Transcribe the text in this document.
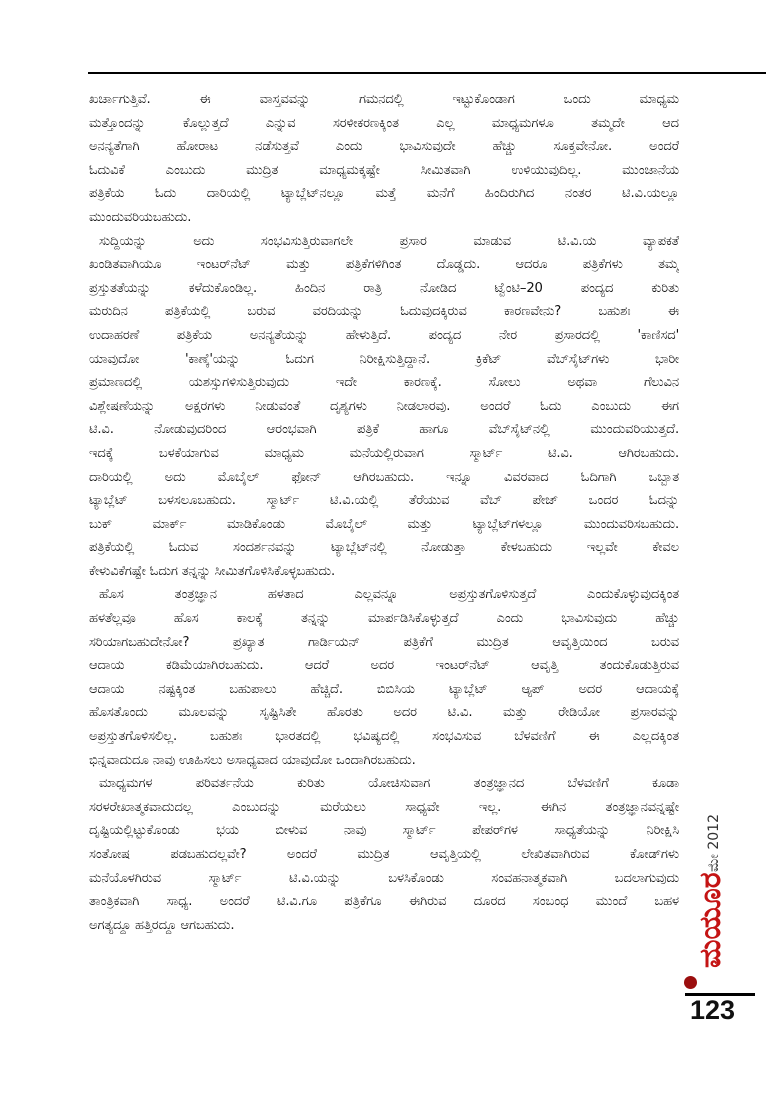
ಖರ್ಚಾಗುತ್ತಿವೆ. ಈ ವಾಸ್ತವವನ್ನು ಗಮನದಲ್ಲಿ ಇಟ್ಟುಕೊಂಡಾಗ ಒಂದು ಮಾಧ್ಯಮ
ಮತ್ತೊಂದನ್ನು ಕೊಲ್ಲುತ್ತದೆ ಎನ್ನುವ ಸರಳೀಕರಣಕ್ಕಿಂತ ಎಲ್ಲ ಮಾಧ್ಯಮಗಳೂ ತಮ್ಮದೇ ಆದ
ಅನನ್ಯತೆಗಾಗಿ ಹೋರಾಟ ನಡೆಸುತ್ತವೆ ಎಂದು ಭಾವಿಸುವುದೇ ಹೆಚ್ಚು ಸೂಕ್ತವೇನೋ. ಅಂದರೆ
ಓದುವಿಕೆ ಎಂಬುದು ಮುದ್ರಿತ ಮಾಧ್ಯಮಕ್ಕಷ್ಟೇ ಸೀಮಿತವಾಗಿ ಉಳಿಯುವುದಿಲ್ಲ. ಮುಂಜಾನೆಯ
ಪತ್ರಿಕೆಯ ಓದು ದಾರಿಯಲ್ಲಿ ಟ್ಯಾಬ್ಲೆಟ್‌ನಲ್ಲೂ ಮತ್ತೆ ಮನೆಗೆ ಹಿಂದಿರುಗಿದ ನಂತರ ಟಿ.ವಿ.ಯಲ್ಲೂ
ಮುಂದುವರಿಯಬಹುದು.
ಸುದ್ದಿಯನ್ನು ಅದು ಸಂಭವಿಸುತ್ತಿರುವಾಗಲೇ ಪ್ರಸಾರ ಮಾಡುವ ಟಿ.ವಿ.ಯ ವ್ಯಾಪಕತೆ
ಖಂಡಿತವಾಗಿಯೂ ಇಂಟರ್‌ನೆಟ್ ಮತ್ತು ಪತ್ರಿಕೆಗಳಿಗಿಂತ ದೊಡ್ಡದು. ಆದರೂ ಪತ್ರಿಕೆಗಳು ತಮ್ಮ
ಪ್ರಸ್ತುತತೆಯನ್ನು ಕಳೆದುಕೊಂಡಿಲ್ಲ. ಹಿಂದಿನ ರಾತ್ರಿ ನೋಡಿದ ಟ್ವೆಂಟಿ–20 ಪಂದ್ಯದ ಕುರಿತು
ಮರುದಿನ ಪತ್ರಿಕೆಯಲ್ಲಿ ಬರುವ ವರದಿಯನ್ನು ಓದುವುದಕ್ಕಿರುವ ಕಾರಣವೇನು? ಬಹುಶಃ ಈ
ಉದಾಹರಣೆ ಪತ್ರಿಕೆಯ ಅನನ್ಯತೆಯನ್ನು ಹೇಳುತ್ತಿದೆ. ಪಂದ್ಯದ ನೇರ ಪ್ರಸಾರದಲ್ಲಿ 'ಕಾಣಿಸದ'
ಯಾವುದೋ 'ಕಾಣ್ಕೆ'ಯನ್ನು ಓದುಗ ನಿರೀಕ್ಷಿಸುತ್ತಿದ್ದಾನೆ. ಕ್ರಿಕೆಟ್ ವೆಬ್‌ಸೈಟ್‌ಗಳು ಭಾರೀ
ಪ್ರಮಾಣದಲ್ಲಿ ಯಶಸ್ಸುಗಳಿಸುತ್ತಿರುವುದು ಇದೇ ಕಾರಣಕ್ಕೆ. ಸೋಲು ಅಥವಾ ಗೆಲುವಿನ
ವಿಶ್ಲೇಷಣೆಯನ್ನು ಅಕ್ಷರಗಳು ನೀಡುವಂತೆ ದೃಶ್ಯಗಳು ನೀಡಲಾರವು. ಅಂದರೆ ಓದು ಎಂಬುದು ಈಗ
ಟಿ.ವಿ. ನೋಡುವುದರಿಂದ ಆರಂಭವಾಗಿ ಪತ್ರಿಕೆ ಹಾಗೂ ವೆಬ್‌ಸೈಟ್‌ನಲ್ಲಿ ಮುಂದುವರಿಯುತ್ತದೆ.
ಇದಕ್ಕೆ ಬಳಕೆಯಾಗುವ ಮಾಧ್ಯಮ ಮನೆಯಲ್ಲಿರುವಾಗ ಸ್ಮಾರ್ಟ್ ಟಿ.ವಿ. ಆಗಿರಬಹುದು.
ದಾರಿಯಲ್ಲಿ ಅದು ಮೊಬೈಲ್ ಫೋನ್ ಆಗಿರಬಹುದು. ಇನ್ನೂ ವಿವರವಾದ ಓದಿಗಾಗಿ ಒಬ್ಬಾತ
ಟ್ಯಾಬ್ಲೆಟ್ ಬಳಸಲೂಬಹುದು. ಸ್ಮಾರ್ಟ್ ಟಿ.ವಿ.ಯಲ್ಲಿ ತೆರೆಯುವ ವೆಬ್ ಪೇಜ್ ಒಂದರ ಓದನ್ನು
ಬುಕ್ ಮಾರ್ಕ್ ಮಾಡಿಕೊಂಡು ಮೊಬೈಲ್ ಮತ್ತು ಟ್ಯಾಬ್ಲೆಟ್‌ಗಳಲ್ಲೂ ಮುಂದುವರಿಸಬಹುದು.
ಪತ್ರಿಕೆಯಲ್ಲಿ ಓದುವ ಸಂದರ್ಶನವನ್ನು ಟ್ಯಾಬ್ಲೆಟ್‌ನಲ್ಲಿ ನೋಡುತ್ತಾ ಕೇಳಬಹುದು ಇಲ್ಲವೇ ಕೇವಲ
ಕೇಳುವಿಕೆಗಷ್ಟೇ ಓದುಗ ತನ್ನನ್ನು ಸೀಮಿತಗೊಳಿಸಿಕೊಳ್ಳಬಹುದು.
ಹೊಸ ತಂತ್ರಜ್ಞಾನ ಹಳತಾದ ಎಲ್ಲವನ್ನೂ ಅಪ್ರಸ್ತುತಗೊಳಿಸುತ್ತದೆ ಎಂದುಕೊಳ್ಳುವುದಕ್ಕಿಂತ
ಹಳತೆಲ್ಲವೂ ಹೊಸ ಕಾಲಕ್ಕೆ ತನ್ನನ್ನು ಮಾರ್ಪಡಿಸಿಕೊಳ್ಳುತ್ತದೆ ಎಂದು ಭಾವಿಸುವುದು ಹೆಚ್ಚು
ಸರಿಯಾಗಬಹುದೇನೋ? ಪ್ರಖ್ಯಾತ ಗಾರ್ಡಿಯನ್ ಪತ್ರಿಕೆಗೆ ಮುದ್ರಿತ ಆವೃತ್ತಿಯಿಂದ ಬರುವ
ಆದಾಯ ಕಡಿಮೆಯಾಗಿರಬಹುದು. ಆದರೆ ಅದರ ಇಂಟರ್‌ನೆಟ್ ಆವೃತ್ತಿ ತಂದುಕೊಡುತ್ತಿರುವ
ಆದಾಯ ನಷ್ಟಕ್ಕಿಂತ ಬಹುಪಾಲು ಹೆಚ್ಚಿದೆ. ಬಿಬಿಸಿಯ ಟ್ಯಾಬ್ಲೆಟ್ ಆ್ಯಪ್ ಅದರ ಆದಾಯಕ್ಕೆ
ಹೊಸತೊಂದು ಮೂಲವನ್ನು ಸೃಷ್ಟಿಸಿತೇ ಹೊರತು ಅದರ ಟಿ.ವಿ. ಮತ್ತು ರೇಡಿಯೋ ಪ್ರಸಾರವನ್ನು
ಅಪ್ರಸ್ತುತಗೊಳಿಸಲಿಲ್ಲ. ಬಹುಶಃ ಭಾರತದಲ್ಲಿ ಭವಿಷ್ಯದಲ್ಲಿ ಸಂಭವಿಸುವ ಬೆಳವಣಿಗೆ ಈ ಎಲ್ಲದಕ್ಕಿಂತ
ಭಿನ್ನವಾದುದೂ ನಾವು ಊಹಿಸಲು ಅಸಾಧ್ಯವಾದ ಯಾವುದೋ ಒಂದಾಗಿರಬಹುದು.
ಮಾಧ್ಯಮಗಳ ಪರಿವರ್ತನೆಯ ಕುರಿತು ಯೋಚಿಸುವಾಗ ತಂತ್ರಜ್ಞಾನದ ಬೆಳವಣಿಗೆ ಕೂಡಾ
ಸರಳರೇಖಾತ್ಮಕವಾದುದಲ್ಲ ಎಂಬುದನ್ನು ಮರೆಯಲು ಸಾಧ್ಯವೇ ಇಲ್ಲ. ಈಗಿನ ತಂತ್ರಜ್ಞಾನವನ್ನಷ್ಟೇ
ದೃಷ್ಟಿಯಲ್ಲಿಟ್ಟುಕೊಂಡು ಭಯ ಬೀಳುವ ನಾವು ಸ್ಮಾರ್ಟ್ ಪೇಪರ್‌ಗಳ ಸಾಧ್ಯತೆಯನ್ನು ನಿರೀಕ್ಷಿಸಿ
ಸಂತೋಷ ಪಡಬಹುದಲ್ಲವೇ? ಅಂದರೆ ಮುದ್ರಿತ ಆವೃತ್ತಿಯಲ್ಲಿ ಲೇಖಿತವಾಗಿರುವ ಕೋಡ್‌ಗಳು
ಮನೆಯೊಳಗಿರುವ ಸ್ಮಾರ್ಟ್ ಟಿ.ವಿ.ಯನ್ನು ಬಳಸಿಕೊಂಡು ಸಂವಹನಾತ್ಮಕವಾಗಿ ಬದಲಾಗುವುದು
ತಾಂತ್ರಿಕವಾಗಿ ಸಾಧ್ಯ. ಅಂದರೆ ಟಿ.ವಿ.ಗೂ ಪತ್ರಿಕೆಗೂ ಈಗಿರುವ ದೂರದ ಸಂಬಂಧ ಮುಂದೆ ಬಹಳ
ಅಗತ್ಯದ್ದೂ ಹತ್ತಿರದ್ದೂ ಆಗಬಹುದು.	ಮಯೂರ
ಮೇ 2012
123
